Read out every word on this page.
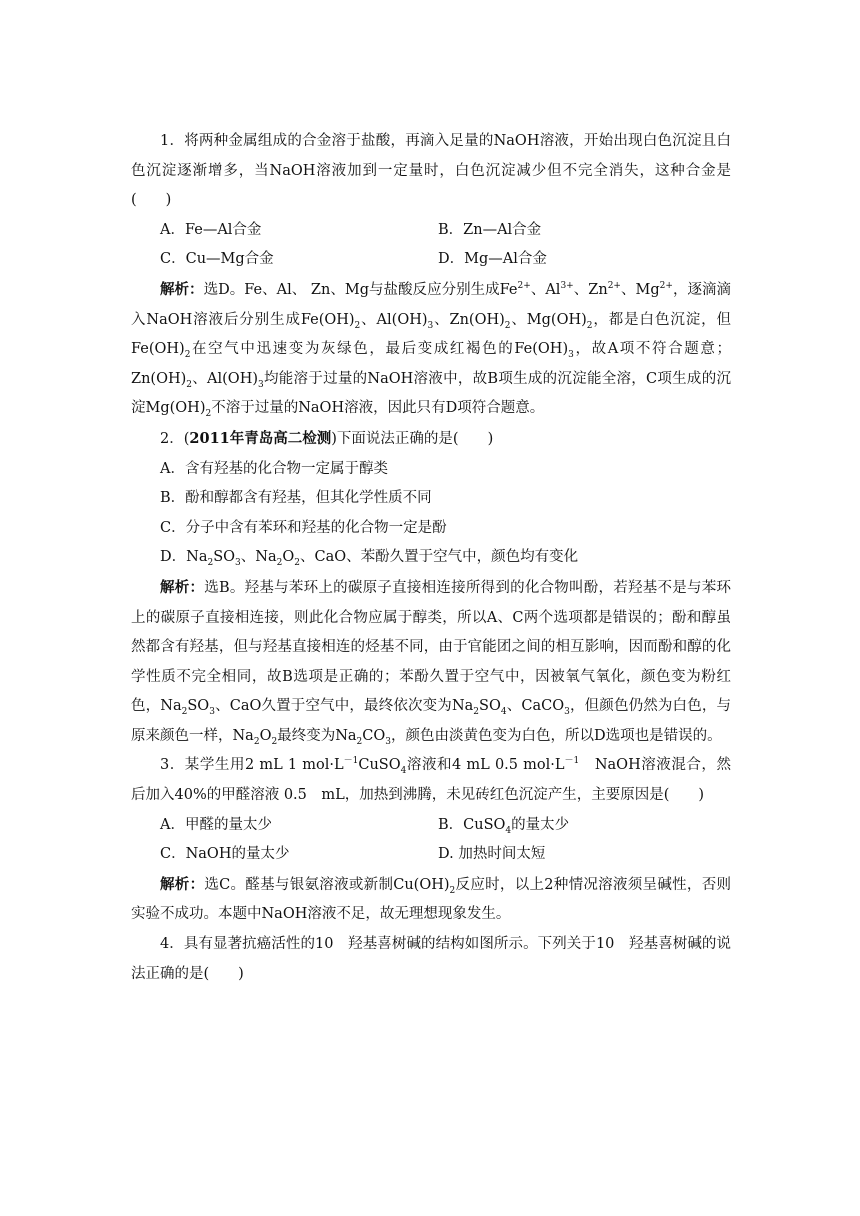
1．将两种金属组成的合金溶于盐酸，再滴入足量的NaOH溶液，开始出现白色沉淀且白色沉淀逐渐增多，当NaOH溶液加到一定量时，白色沉淀减少但不完全消失，这种合金是(　　)

A．Fe—Al合金	B．Zn—Al合金
C．Cu—Mg合金	D．Mg—Al合金

解析：选D。Fe、Al、 Zn、Mg与盐酸反应分别生成$Fe^{2+}$、$Al^{3+}$、$Zn^{2+}$、$Mg^{2+}$，逐滴滴入NaOH溶液后分别生成$Fe(OH)_2$、$Al(OH)_3$、$Zn(OH)_2$、$Mg(OH)_2$，都是白色沉淀，但$Fe(OH)_2$在空气中迅速变为灰绿色，最后变成红褐色的$Fe(OH)_3$，故A项不符合题意；$Zn(OH)_2$、$Al(OH)_3$均能溶于过量的NaOH溶液中，故B项生成的沉淀能全溶，C项生成的沉淀$Mg(OH)_2$不溶于过量的NaOH溶液，因此只有D项符合题意。

2．(2011年青岛高二检测)下面说法正确的是(　　)

A．含有羟基的化合物一定属于醇类

B．酚和醇都含有羟基，但其化学性质不同

C．分子中含有苯环和羟基的化合物一定是酚

D．$Na_2SO_3$、$Na_2O_2$、CaO、苯酚久置于空气中，颜色均有变化

解析：选B。羟基与苯环上的碳原子直接相连接所得到的化合物叫酚，若羟基不是与苯环上的碳原子直接相连接，则此化合物应属于醇类，所以A、C两个选项都是错误的；酚和醇虽然都含有羟基，但与羟基直接相连的烃基不同，由于官能团之间的相互影响，因而酚和醇的化学性质不完全相同，故B选项是正确的；苯酚久置于空气中，因被氧气氧化，颜色变为粉红色，$Na_2SO_3$、CaO久置于空气中，最终依次变为$Na_2SO_4$、CaCO$_3$，但颜色仍然为白色，与原来颜色一样，$Na_2O_2$最终变为$Na_2CO_3$，颜色由淡黄色变为白色，所以D选项也是错误的。

3．某学生用2 mL 1 $mol\cdot L^{-1}CuSO_4$溶液和4 mL 0.5 $mol\cdot L^{-1}$　NaOH溶液混合，然后加入40%的甲醛溶液 0.5　mL，加热到沸腾，未见砖红色沉淀产生，主要原因是(　　)

A．甲醛的量太少	B．CuSO$_4$的量太少
C．NaOH的量太少	D. 加热时间太短

解析：选C。醛基与银氨溶液或新制$Cu(OH)_2$反应时，以上2种情况溶液须呈碱性，否则实验不成功。本题中NaOH溶液不足，故无理想现象发生。

4．具有显著抗癌活性的10　羟基喜树碱的结构如图所示。下列关于10　羟基喜树碱的说法正确的是(　　)
